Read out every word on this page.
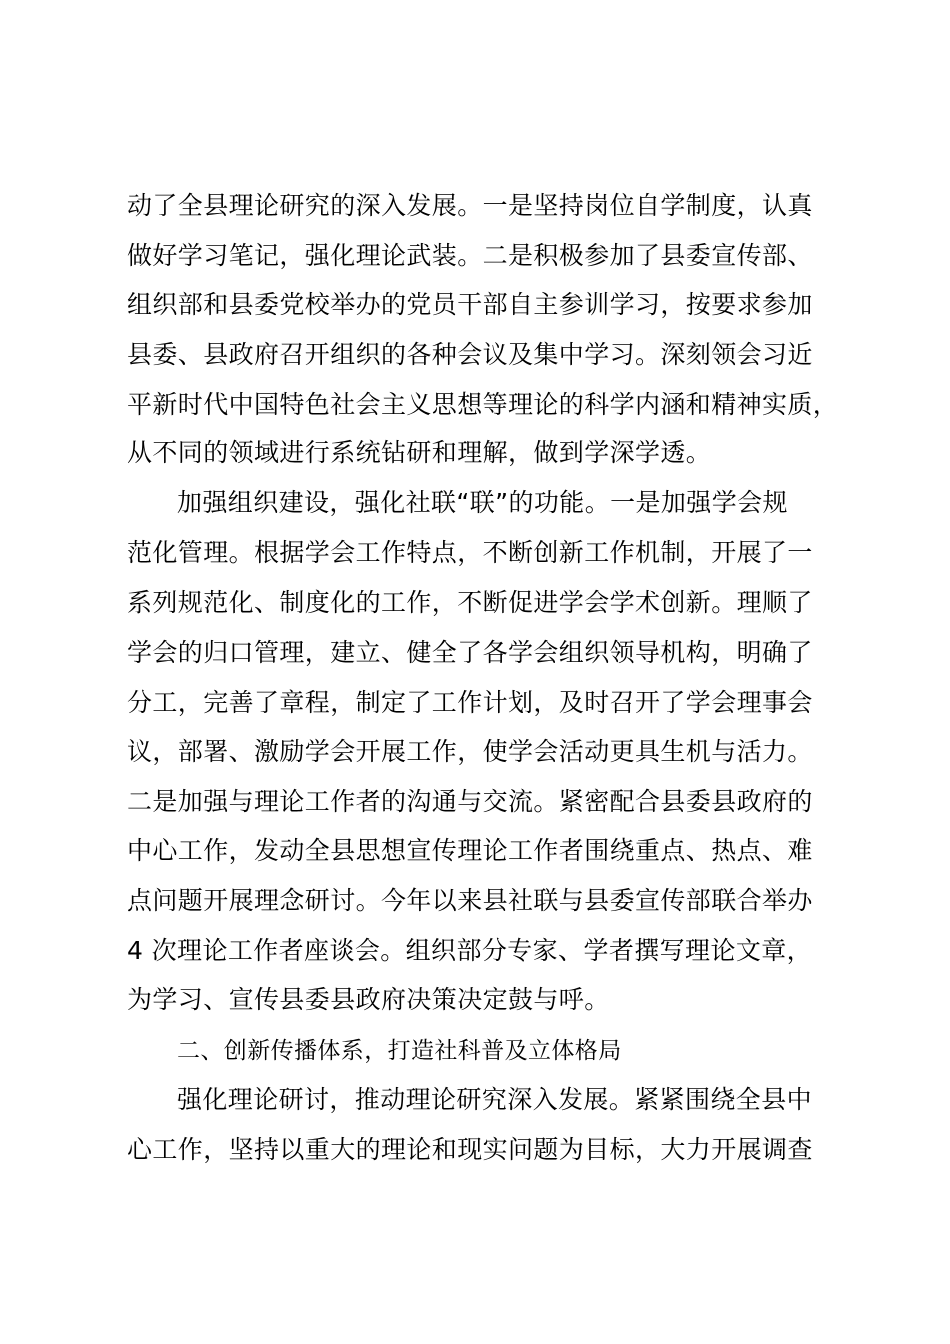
动了全县理论研究的深入发展。一是坚持岗位自学制度，认真
做好学习笔记，强化理论武装。二是积极参加了县委宣传部、
组织部和县委党校举办的党员干部自主参训学习，按要求参加
县委、县政府召开组织的各种会议及集中学习。深刻领会习近
平新时代中国特色社会主义思想等理论的科学内涵和精神实质，
从不同的领域进行系统钻研和理解，做到学深学透。
加强组织建设，强化社联“联”的功能。一是加强学会规
范化管理。根据学会工作特点，不断创新工作机制，开展了一
系列规范化、制度化的工作，不断促进学会学术创新。理顺了
学会的归口管理，建立、健全了各学会组织领导机构，明确了
分工，完善了章程，制定了工作计划，及时召开了学会理事会
议，部署、激励学会开展工作，使学会活动更具生机与活力。
二是加强与理论工作者的沟通与交流。紧密配合县委县政府的
中心工作，发动全县思想宣传理论工作者围绕重点、热点、难
点问题开展理念研讨。今年以来县社联与县委宣传部联合举办
4 次理论工作者座谈会。组织部分专家、学者撰写理论文章，
为学习、宣传县委县政府决策决定鼓与呼。
二、创新传播体系，打造社科普及立体格局
强化理论研讨，推动理论研究深入发展。紧紧围绕全县中
心工作，坚持以重大的理论和现实问题为目标，大力开展调查
